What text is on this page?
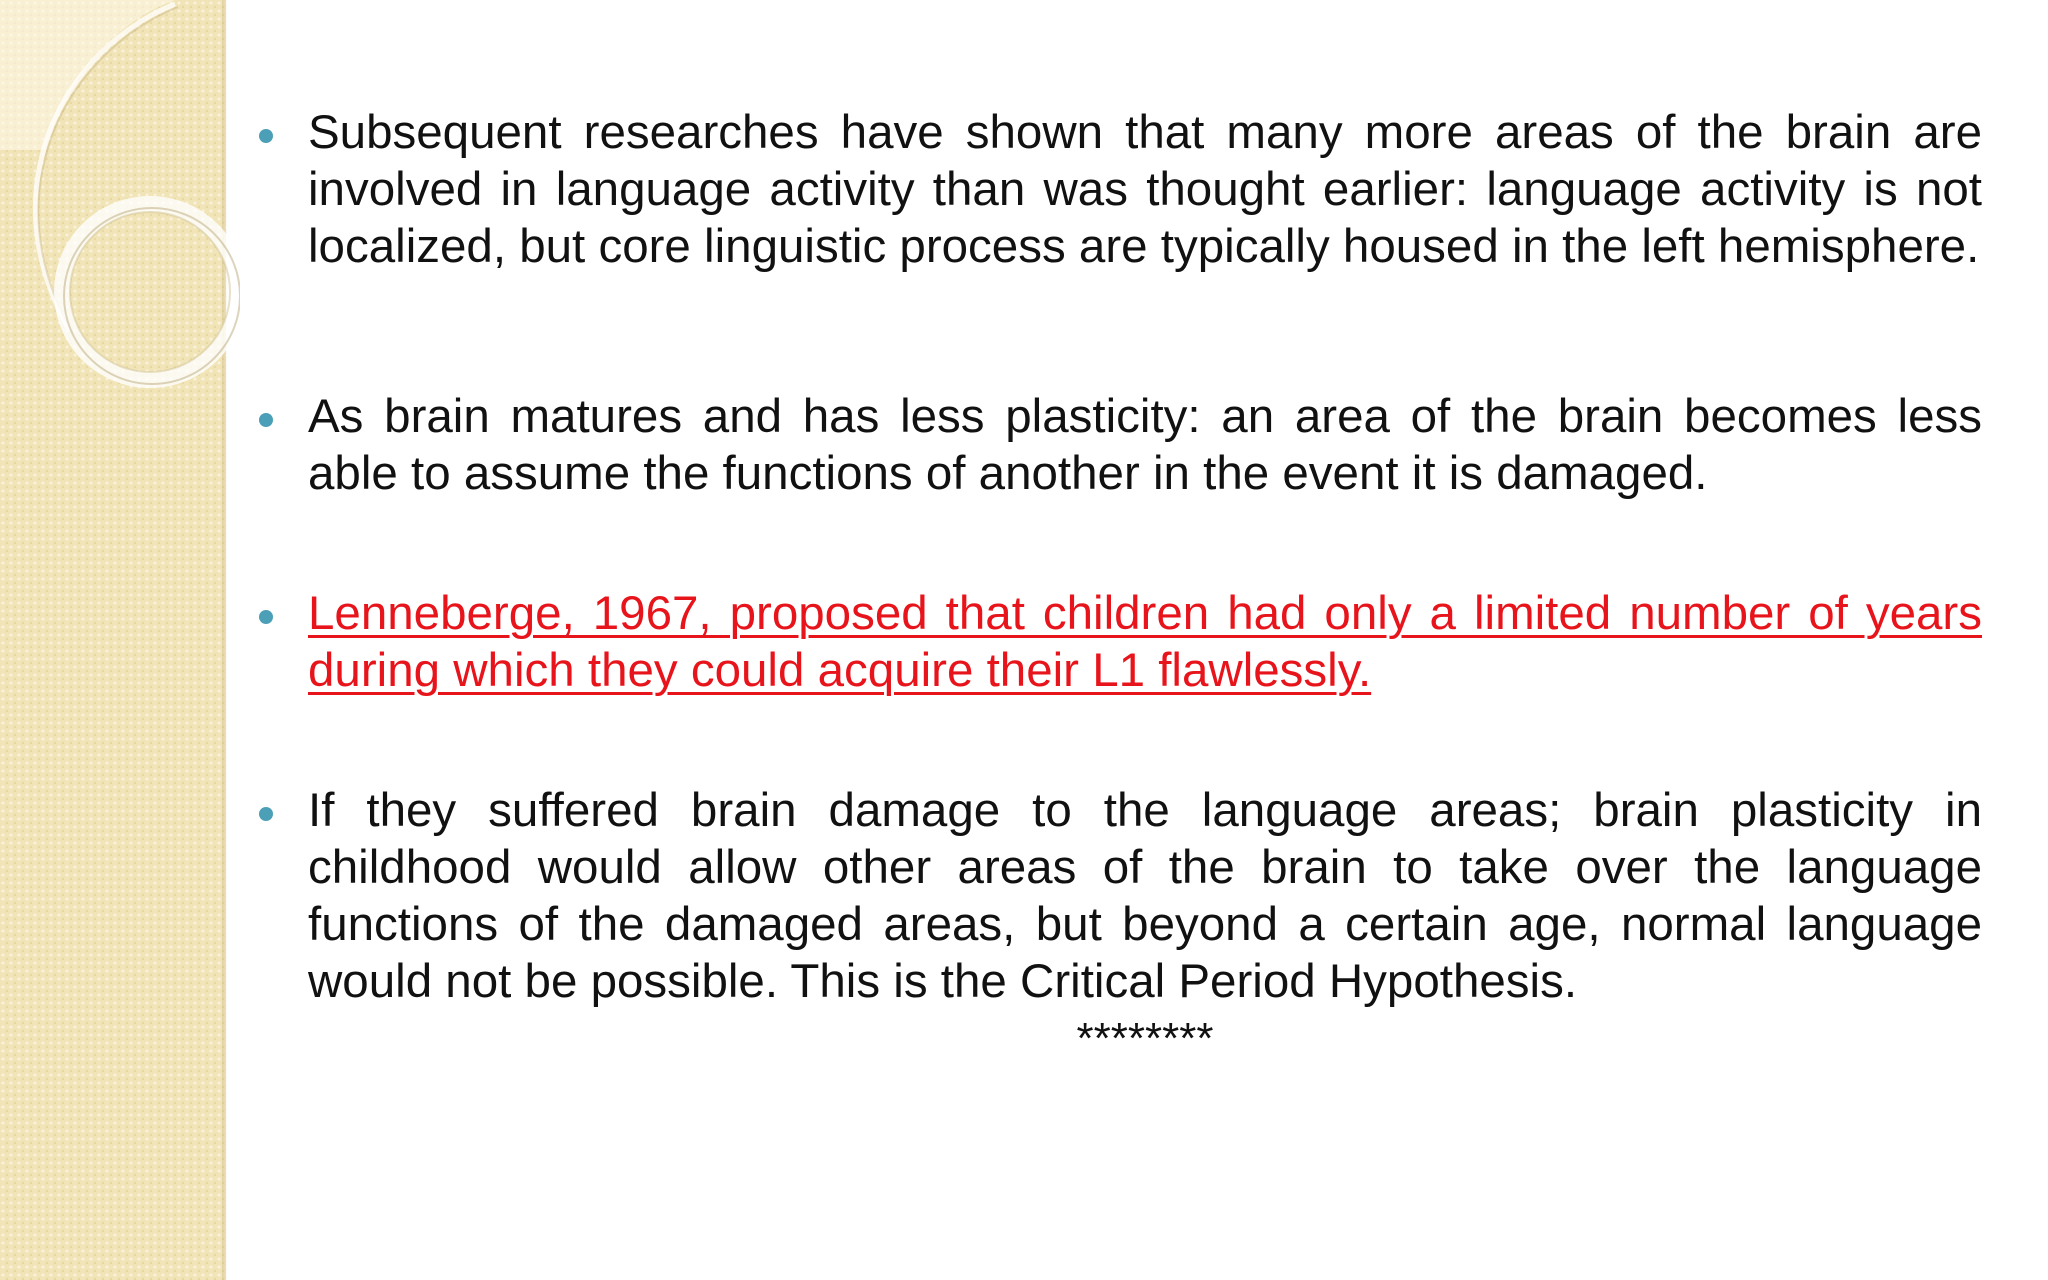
Subsequent researches have shown that many more areas of the brain are involved in language activity than was thought earlier: language activity is not localized, but core linguistic process are typically housed in the left hemisphere.

As brain matures and has less plasticity: an area of the brain becomes less able to assume the functions of another in the event it is damaged.

Lenneberge, 1967, proposed that children had only a limited number of years during which they could acquire their L1 flawlessly.

If they suffered brain damage to the language areas; brain plasticity in childhood would allow other areas of the brain to take over the language functions of the damaged areas, but beyond a certain age, normal language would not be possible. This is the Critical Period Hypothesis.

********
